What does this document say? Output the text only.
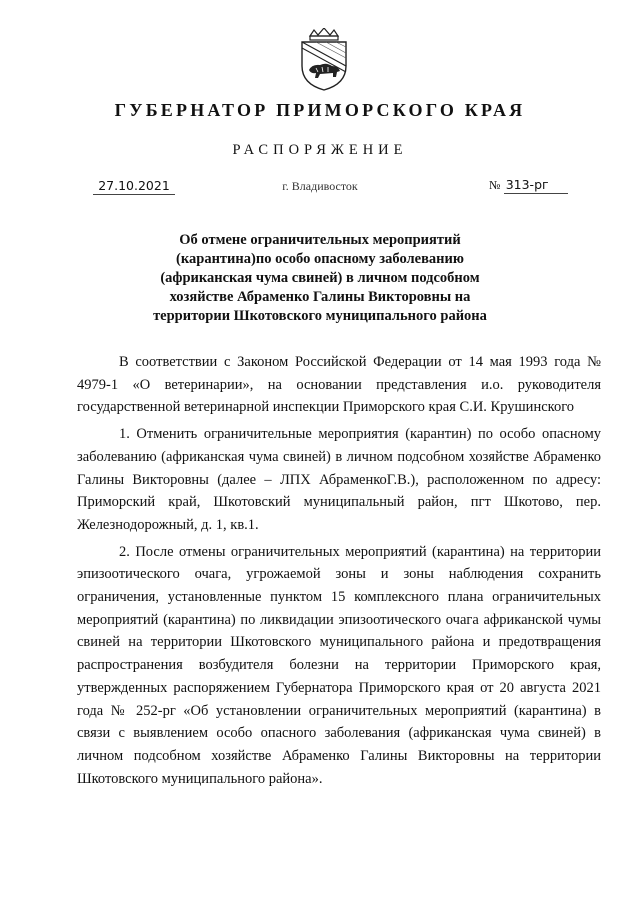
ГУБЕРНАТОР ПРИМОРСКОГО КРАЯ
РАСПОРЯЖЕНИЕ
27.10.2021	г. Владивосток	№ 313-рг
Об отмене ограничительных мероприятий
(карантина)по особо опасному заболеванию
(африканская чума свиней) в личном подсобном
хозяйстве Абраменко Галины Викторовны на
территории Шкотовского муниципального района

В соответствии с Законом Российской Федерации от 14 мая 1993 года № 4979-1 «О ветеринарии», на основании представления и.о. руководителя государственной ветеринарной инспекции Приморского края С.И. Крушинского

1. Отменить ограничительные мероприятия (карантин) по особо опасному заболеванию (африканская чума свиней) в личном подсобном хозяйстве Абраменко Галины Викторовны (далее – ЛПХ АбраменкоГ.В.), расположенном по адресу: Приморский край, Шкотовский муниципальный район, пгт Шкотово, пер. Железнодорожный, д. 1, кв.1.

2. После отмены ограничительных мероприятий (карантина) на территории эпизоотического очага, угрожаемой зоны и зоны наблюдения сохранить ограничения, установленные пунктом 15 комплексного плана ограничительных мероприятий (карантина) по ликвидации эпизоотического очага африканской чумы свиней на территории Шкотовского муниципального района и предотвращения распространения возбудителя болезни на территории Приморского края, утвержденных распоряжением Губернатора Приморского края от 20 августа 2021 года № 252-рг «Об установлении ограничительных мероприятий (карантина) в связи с выявлением особо опасного заболевания (африканская чума свиней) в личном подсобном хозяйстве Абраменко Галины Викторовны на территории Шкотовского муниципального района».
